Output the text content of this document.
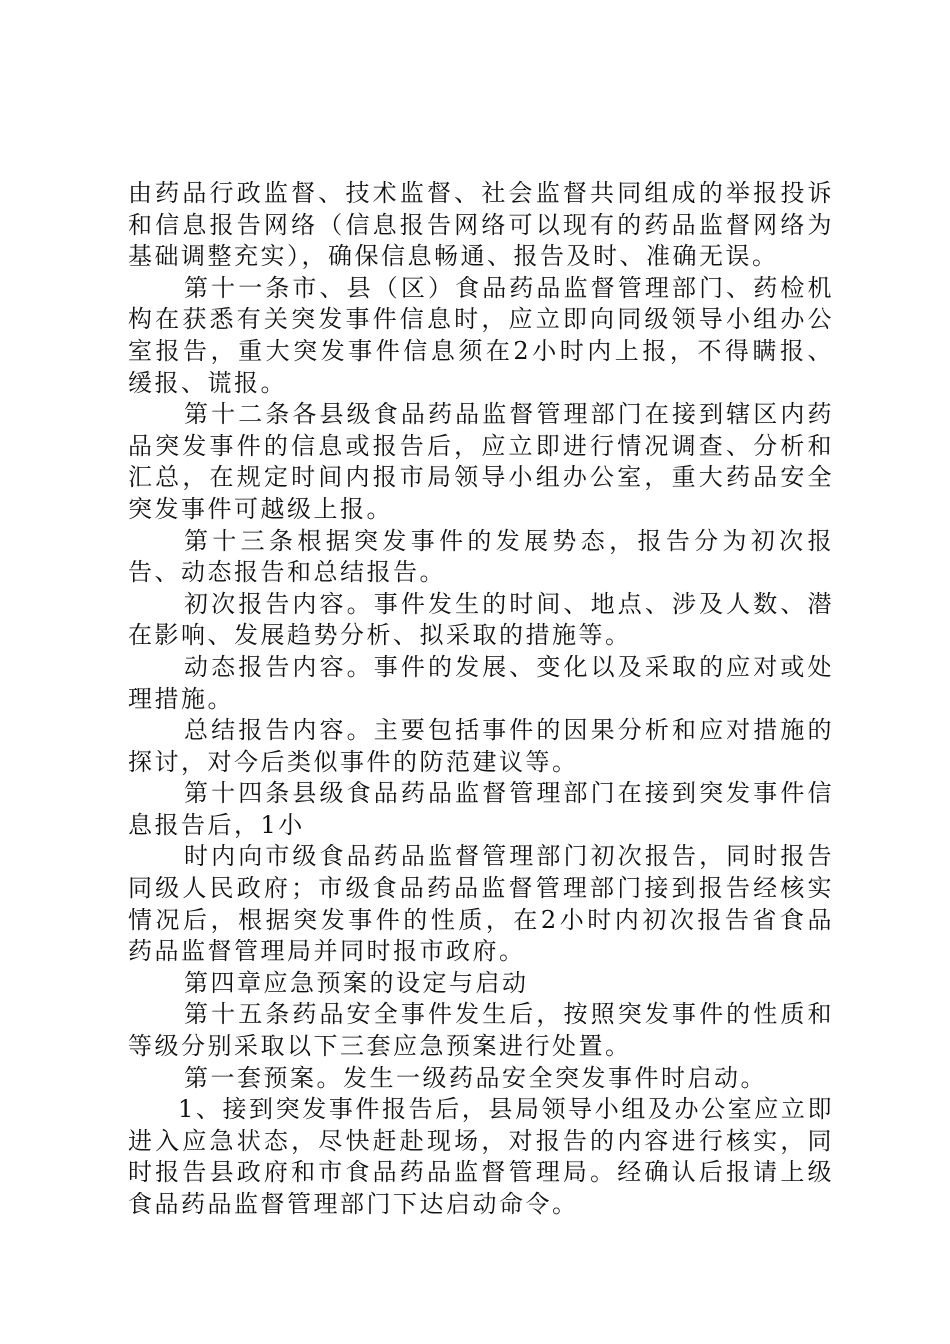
由药品行政监督、技术监督、社会监督共同组成的举报投诉和信息报告网络（信息报告网络可以现有的药品监督网络为基础调整充实），确保信息畅通、报告及时、准确无误。

第十一条市、县（区）食品药品监督管理部门、药检机构在获悉有关突发事件信息时，应立即向同级领导小组办公室报告，重大突发事件信息须在2小时内上报，不得瞒报、缓报、谎报。

第十二条各县级食品药品监督管理部门在接到辖区内药品突发事件的信息或报告后，应立即进行情况调查、分析和汇总，在规定时间内报市局领导小组办公室，重大药品安全突发事件可越级上报。

第十三条根据突发事件的发展势态，报告分为初次报告、动态报告和总结报告。

初次报告内容。事件发生的时间、地点、涉及人数、潜在影响、发展趋势分析、拟采取的措施等。

动态报告内容。事件的发展、变化以及采取的应对或处理措施。

总结报告内容。主要包括事件的因果分析和应对措施的探讨，对今后类似事件的防范建议等。

第十四条县级食品药品监督管理部门在接到突发事件信息报告后，1小

时内向市级食品药品监督管理部门初次报告，同时报告同级人民政府；市级食品药品监督管理部门接到报告经核实情况后，根据突发事件的性质，在2小时内初次报告省食品药品监督管理局并同时报市政府。

第四章应急预案的设定与启动

第十五条药品安全事件发生后，按照突发事件的性质和等级分别采取以下三套应急预案进行处置。

第一套预案。发生一级药品安全突发事件时启动。

1、接到突发事件报告后，县局领导小组及办公室应立即进入应急状态，尽快赶赴现场，对报告的内容进行核实，同时报告县政府和市食品药品监督管理局。经确认后报请上级食品药品监督管理部门下达启动命令。
